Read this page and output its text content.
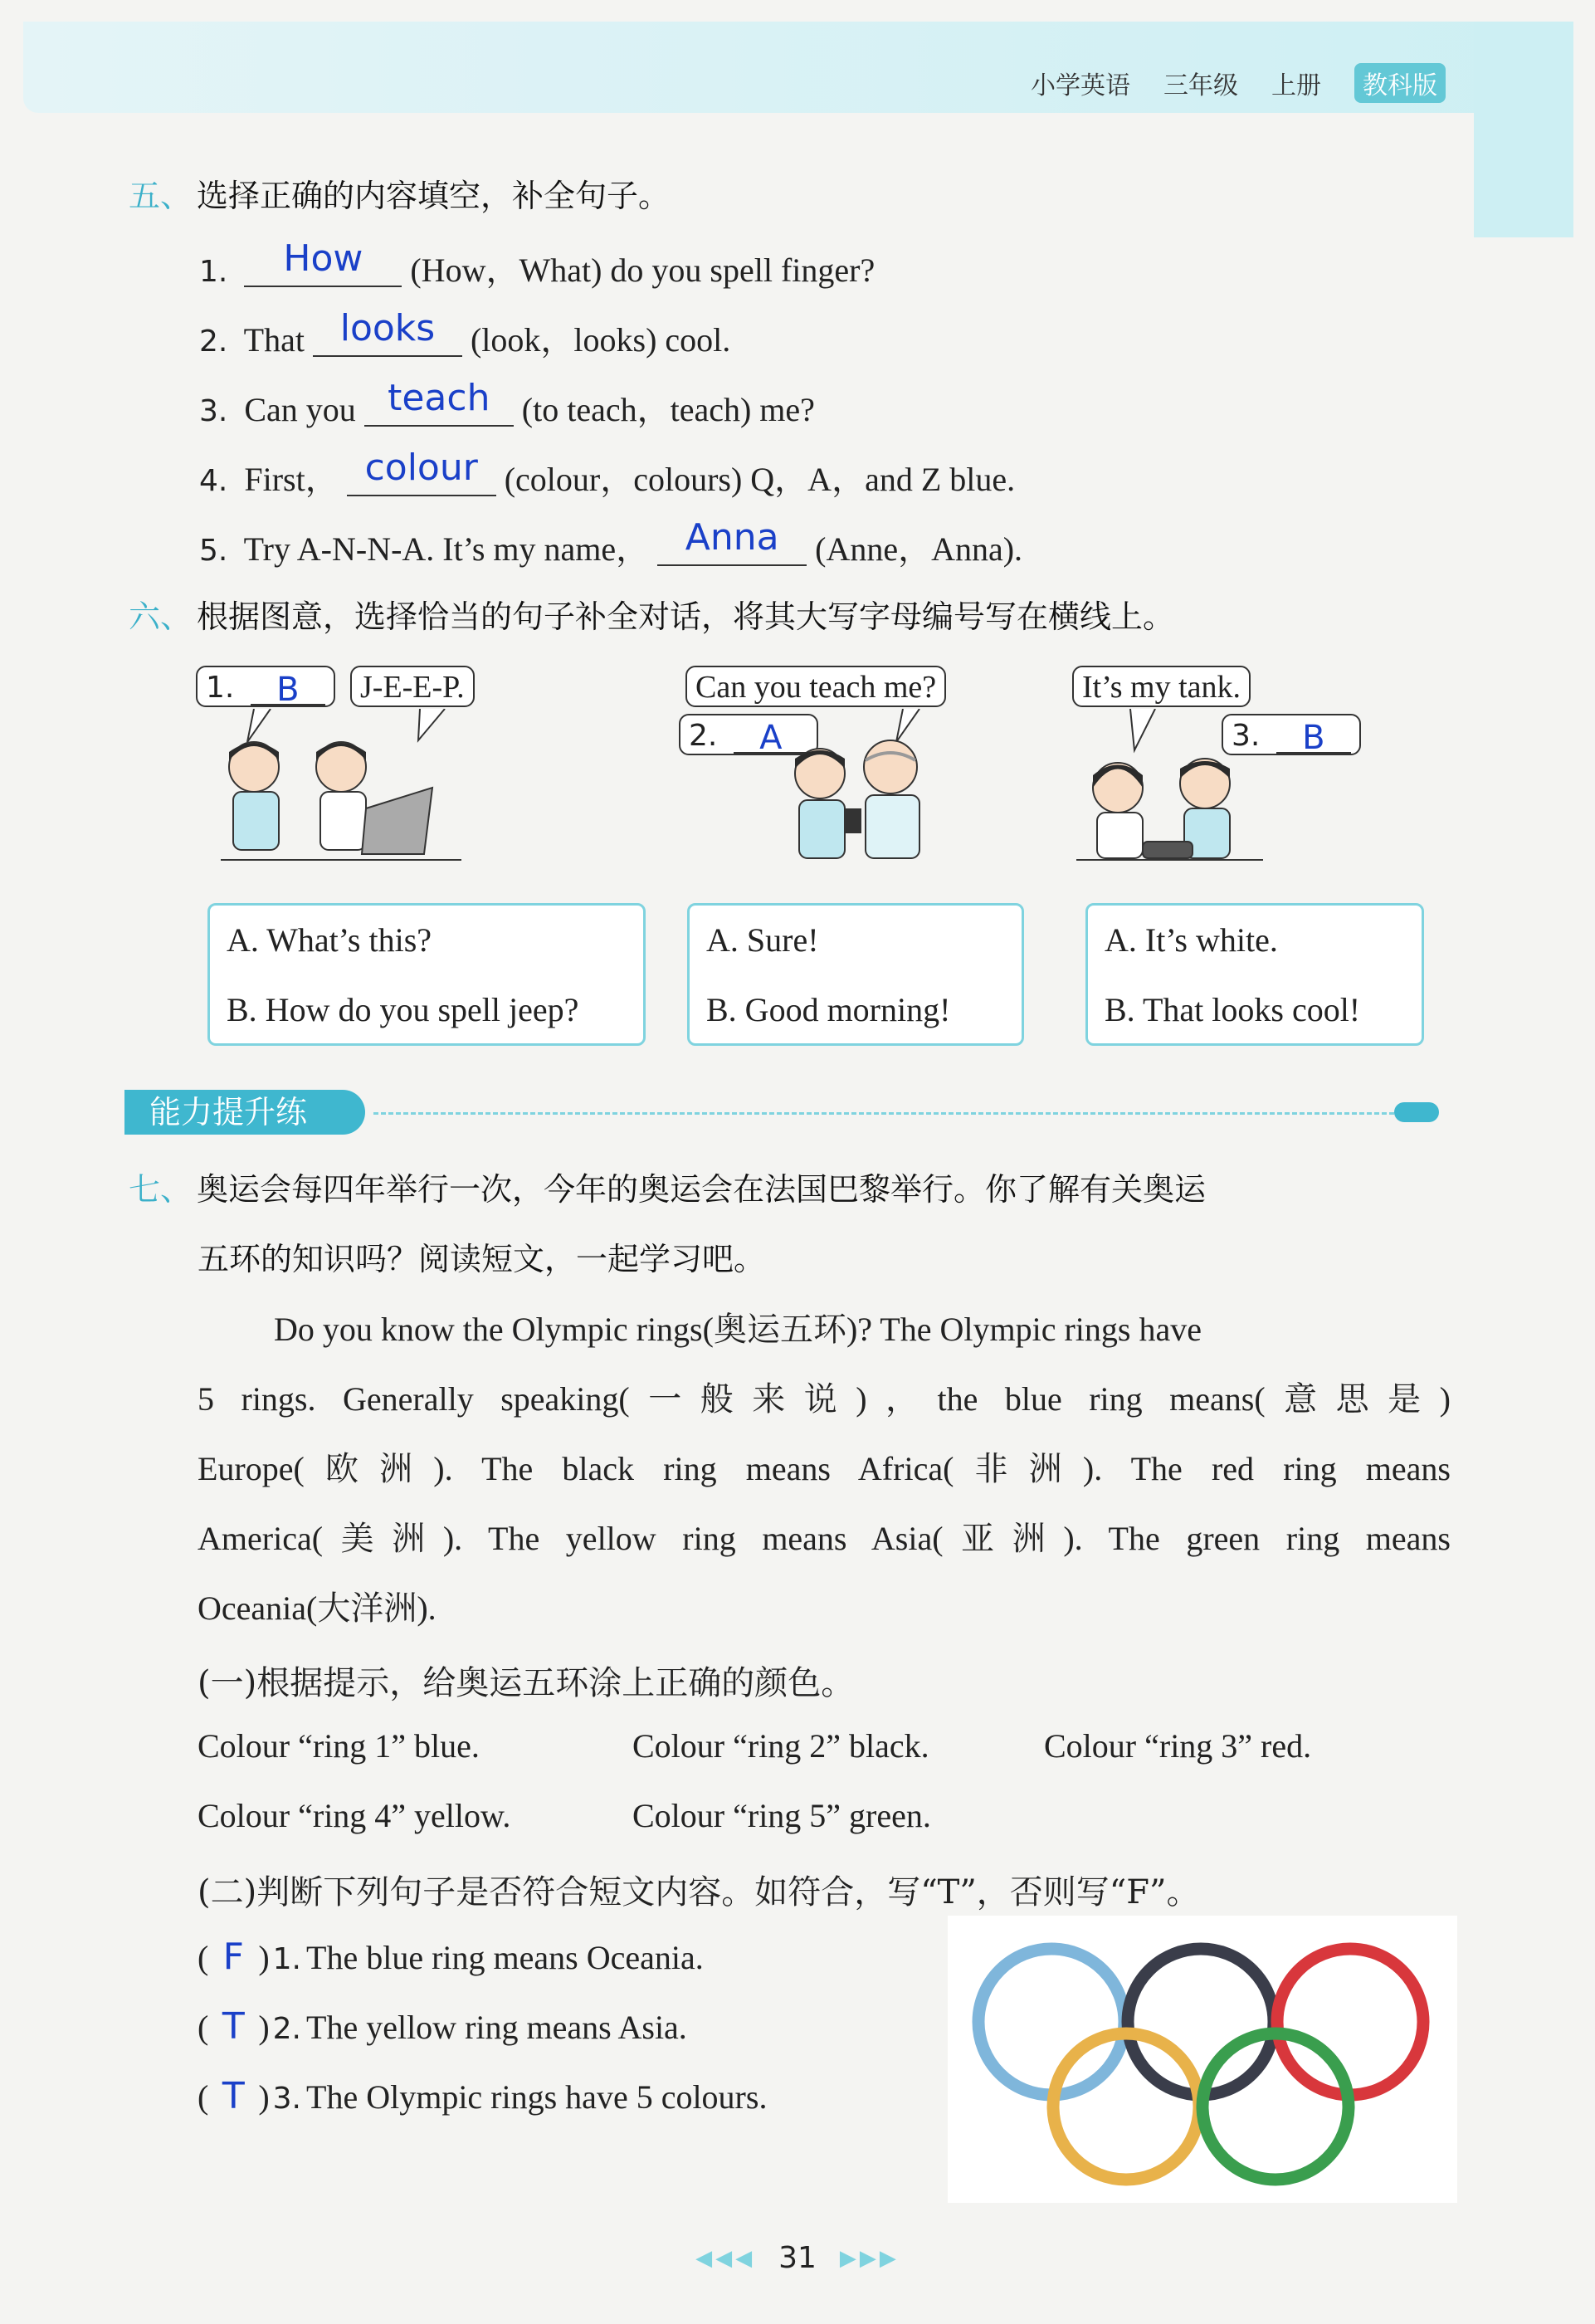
小学英语 三年级 上册	教科版
五、 选择正确的内容填空，补全句子。
1.	How	(How，What) do you spell finger?
2. That looks	(look，looks) cool.
3. Can you teach (to teach，teach) me?
4. First， colour (colour，colours) Q，A，and Z blue.
5. Try A-N-N-A. It’s my name， Anna	(Anne，Anna).
六、 根据图意，选择恰当的句子补全对话，将其大写字母编号写在横线上。
1. B	J-E-E-P.	Can you teach me?
2. A
It’s my tank.
3. B
A. What’s this?
B. How do you spell jeep?
A. Sure!
B. Good morning!
A. It’s white.
B. That looks cool!
能力提升练
七、 奥运会每四年举行一次，今年的奥运会在法国巴黎举行。你了解有关奥运
五环的知识吗？阅读短文，一起学习吧。
Do you know the Olympic rings(奥运五环)? The Olympic rings have
5 rings. Generally speaking(一般来说)，the blue ring means(意思是)
Europe(欧洲). The black ring means Africa(非洲). The red ring means
America(美洲). The yellow ring means Asia(亚洲). The green ring means
Oceania(大洋洲).
(一)根据提示，给奥运五环涂上正确的颜色。
Colour “ring 1” blue.	Colour “ring 2” black.	Colour “ring 3” red.
Colour “ring 4” yellow.	Colour “ring 5” green.
(二)判断下列句子是否符合短文内容。如符合，写“T”，否则写“F”。
( F ) 1. The blue ring means Oceania.
( T ) 2. The yellow ring means Asia.
( T ) 3. The Olympic rings have 5 colours.
◀◀◀ 31 ▶▶▶
